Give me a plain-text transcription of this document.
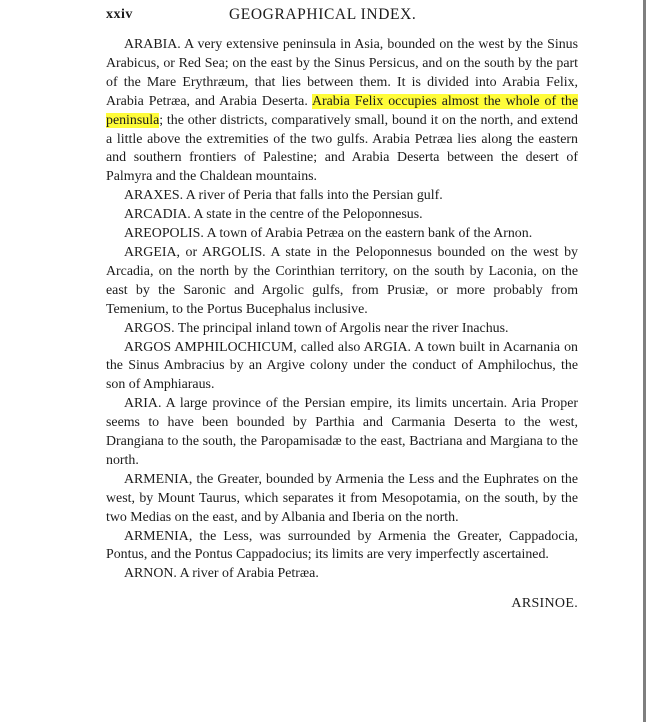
xxiv	GEOGRAPHICAL INDEX.

ARABIA. A very extensive peninsula in Asia, bounded on the west by the Sinus Arabicus, or Red Sea; on the east by the Sinus Persicus, and on the south by the part of the Mare Erythræum, that lies between them. It is divided into Arabia Felix, Arabia Petræa, and Arabia Deserta. Arabia Felix occupies almost the whole of the peninsula; the other districts, comparatively small, bound it on the north, and extend a little above the extremities of the two gulfs. Arabia Petræa lies along the eastern and southern frontiers of Palestine; and Arabia Deserta between the desert of Palmyra and the Chaldean mountains.

ARAXES. A river of Peria that falls into the Persian gulf.

ARCADIA. A state in the centre of the Peloponnesus.

AREOPOLIS. A town of Arabia Petræa on the eastern bank of the Arnon.

ARGEIA, or ARGOLIS. A state in the Peloponnesus bounded on the west by Arcadia, on the north by the Corinthian territory, on the south by Laconia, on the east by the Saronic and Argolic gulfs, from Prusiæ, or more probably from Temenium, to the Portus Bucephalus inclusive.

ARGOS. The principal inland town of Argolis near the river Inachus.

ARGOS AMPHILOCHICUM, called also ARGIA. A town built in Acarnania on the Sinus Ambracius by an Argive colony under the conduct of Amphilochus, the son of Amphiaraus.

ARIA. A large province of the Persian empire, its limits uncertain. Aria Proper seems to have been bounded by Parthia and Carmania Deserta to the west, Drangiana to the south, the Paropamisadæ to the east, Bactriana and Margiana to the north.

ARMENIA, the Greater, bounded by Armenia the Less and the Euphrates on the west, by Mount Taurus, which separates it from Mesopotamia, on the south, by the two Medias on the east, and by Albania and Iberia on the north.

ARMENIA, the Less, was surrounded by Armenia the Greater, Cappadocia, Pontus, and the Pontus Cappadocius; its limits are very imperfectly ascertained.

ARNON. A river of Arabia Petræa.

ARSINOE.
